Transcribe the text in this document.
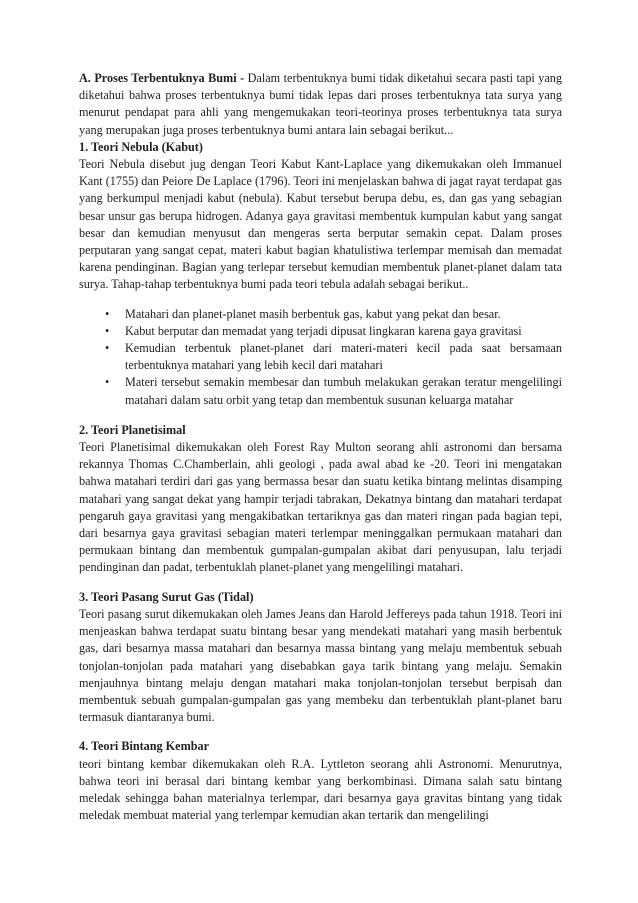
A. Proses Terbentuknya Bumi - Dalam terbentuknya bumi tidak diketahui secara pasti tapi yang diketahui bahwa proses terbentuknya bumi tidak lepas dari proses terbentuknya tata surya yang menurut pendapat para ahli yang mengemukakan teori-teorinya proses terbentuknya tata surya yang merupakan juga proses terbentuknya bumi antara lain sebagai berikut...

1. Teori Nebula (Kabut)

Teori Nebula disebut jug dengan Teori Kabut Kant-Laplace yang dikemukakan oleh Immanuel Kant (1755) dan Peiore De Laplace (1796). Teori ini menjelaskan bahwa di jagat rayat terdapat gas yang berkumpul menjadi kabut (nebula). Kabut tersebut berupa debu, es, dan gas yang sebagian besar unsur gas berupa hidrogen. Adanya gaya gravitasi membentuk kumpulan kabut yang sangat besar dan kemudian menyusut dan mengeras serta berputar semakin cepat. Dalam proses perputaran yang sangat cepat, materi kabut bagian khatulistiwa terlempar memisah dan memadat karena pendinginan. Bagian yang terlepar tersebut kemudian membentuk planet-planet dalam tata surya. Tahap-tahap terbentuknya bumi pada teori tebula adalah sebagai berikut..

•	Matahari dan planet-planet masih berbentuk gas, kabut yang pekat dan besar.
•	Kabut berputar dan memadat yang terjadi dipusat lingkaran karena gaya gravitasi
•	Kemudian terbentuk planet-planet dari materi-materi kecil pada saat bersamaan terbentuknya matahari yang lebih kecil dari matahari
•	Materi tersebut semakin membesar dan tumbuh melakukan gerakan teratur mengelilingi matahari dalam satu orbit yang tetap dan membentuk susunan keluarga matahar

2. Teori Planetisimal

Teori Planetisimal dikemukakan oleh Forest Ray Multon seorang ahli astronomi dan bersama rekannya Thomas C.Chamberlain, ahli geologi , pada awal abad ke -20. Teori ini mengatakan bahwa matahari terdiri dari gas yang bermassa besar dan suatu ketika bintang melintas disamping matahari yang sangat dekat yang hampir terjadi tabrakan, Dekatnya bintang dan matahari terdapat pengaruh gaya gravitasi yang mengakibatkan tertariknya gas dan materi ringan pada bagian tepi, dari besarnya gaya gravitasi sebagian materi terlempar meninggalkan permukaan matahari dan permukaan bintang dan membentuk gumpalan-gumpalan akibat dari penyusupan, lalu terjadi pendinginan dan padat, terbentuklah planet-planet yang mengelilingi matahari.

3. Teori Pasang Surut Gas (Tidal)

Teori pasang surut dikemukakan oleh James Jeans dan Harold Jeffereys pada tahun 1918. Teori ini menjeaskan bahwa terdapat suatu bintang besar yang mendekati matahari yang masih berbentuk gas, dari besarnya massa matahari dan besarnya massa bintang yang melaju membentuk sebuah tonjolan-tonjolan pada matahari yang disebabkan gaya tarik bintang yang melaju. Semakin menjauhnya bintang melaju dengan matahari maka tonjolan-tonjolan tersebut berpisah dan membentuk sebuah gumpalan-gumpalan gas yang membeku dan terbentuklah plant-planet baru termasuk diantaranya bumi.

4. Teori Bintang Kembar

teori bintang kembar dikemukakan oleh R.A. Lyttleton seorang ahli Astronomi. Menurutnya, bahwa teori ini berasal dari bintang kembar yang berkombinasi. Dimana salah satu bintang meledak sehingga bahan materialnya terlempar, dari besarnya gaya gravitas bintang yang tidak meledak membuat material yang terlempar kemudian akan tertarik dan mengelilingi
